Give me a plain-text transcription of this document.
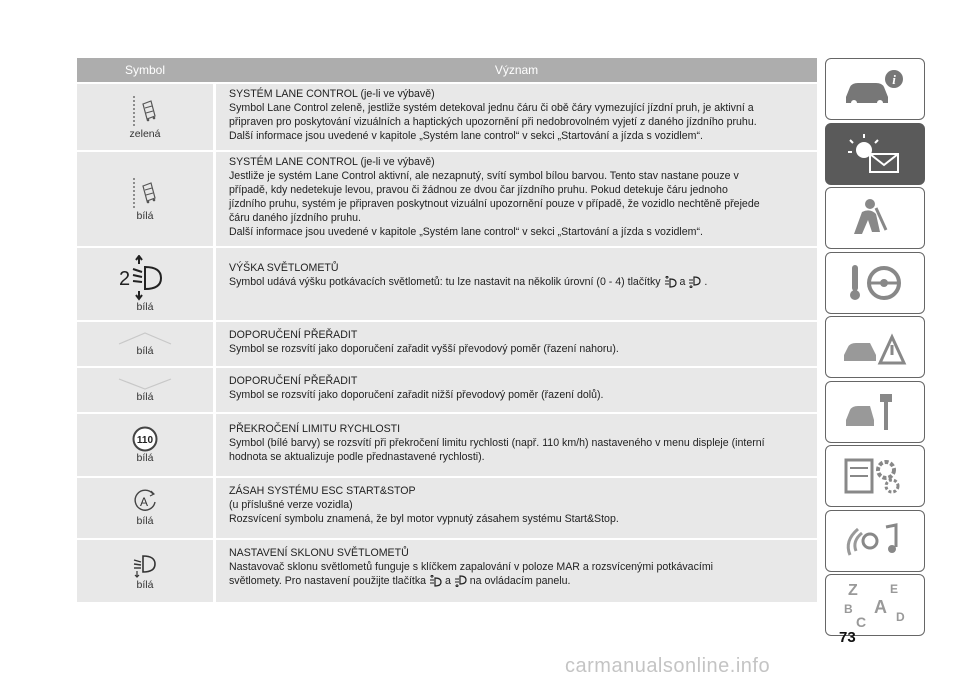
Symbol	Význam
zelená
SYSTÉM LANE CONTROL (je-li ve výbavě)
Symbol Lane Control zeleně, jestliže systém detekoval jednu čáru či obě čáry vymezující jízdní pruh, je aktivní a
připraven pro poskytování vizuálních a haptických upozornění při nedobrovolném vyjetí z daného jízdního pruhu.
Další informace jsou uvedené v kapitole „Systém lane control“ v sekci „Startování a jízda s vozidlem“.
bílá
SYSTÉM LANE CONTROL (je-li ve výbavě)
Jestliže je systém Lane Control aktivní, ale nezapnutý, svítí symbol bílou barvou. Tento stav nastane pouze v
případě, kdy nedetekuje levou, pravou či žádnou ze dvou čar jízdního pruhu. Pokud detekuje čáru jednoho
jízdního pruhu, systém je připraven poskytnout vizuální upozornění pouze v případě, že vozidlo nechtěně přejede
čáru daného jízdního pruhu.
Další informace jsou uvedené v kapitole „Systém lane control“ v sekci „Startování a jízda s vozidlem“.
2
bílá
VÝŠKA SVĚTLOMETŮ
Symbol udává výšku potkávacích světlometů: tu lze nastavit na několik úrovní (0 - 4) tlačítky a .
bílá
DOPORUČENÍ PŘEŘADIT
Symbol se rozsvítí jako doporučení zařadit vyšší převodový poměr (řazení nahoru).
bílá
DOPORUČENÍ PŘEŘADIT
Symbol se rozsvítí jako doporučení zařadit nižší převodový poměr (řazení dolů).
110
bílá
PŘEKROČENÍ LIMITU RYCHLOSTI
Symbol (bílé barvy) se rozsvítí při překročení limitu rychlosti (např. 110 km/h) nastaveného v menu displeje (interní
hodnota se aktualizuje podle přednastavené rychlosti).
A
bílá
ZÁSAH SYSTÉMU ESC START&STOP
(u příslušné verze vozidla)
Rozsvícení symbolu znamená, že byl motor vypnutý zásahem systému Start&Stop.
bílá
NASTAVENÍ SKLONU SVĚTLOMETŮ
Nastavovač sklonu světlometů funguje s klíčkem zapalování v poloze MAR a rozsvícenými potkávacími
světlomety. Pro nastavení použijte tlačítka a na ovládacím panelu.
i
Z	E
B A
C D
73
carmanualsonline.info
